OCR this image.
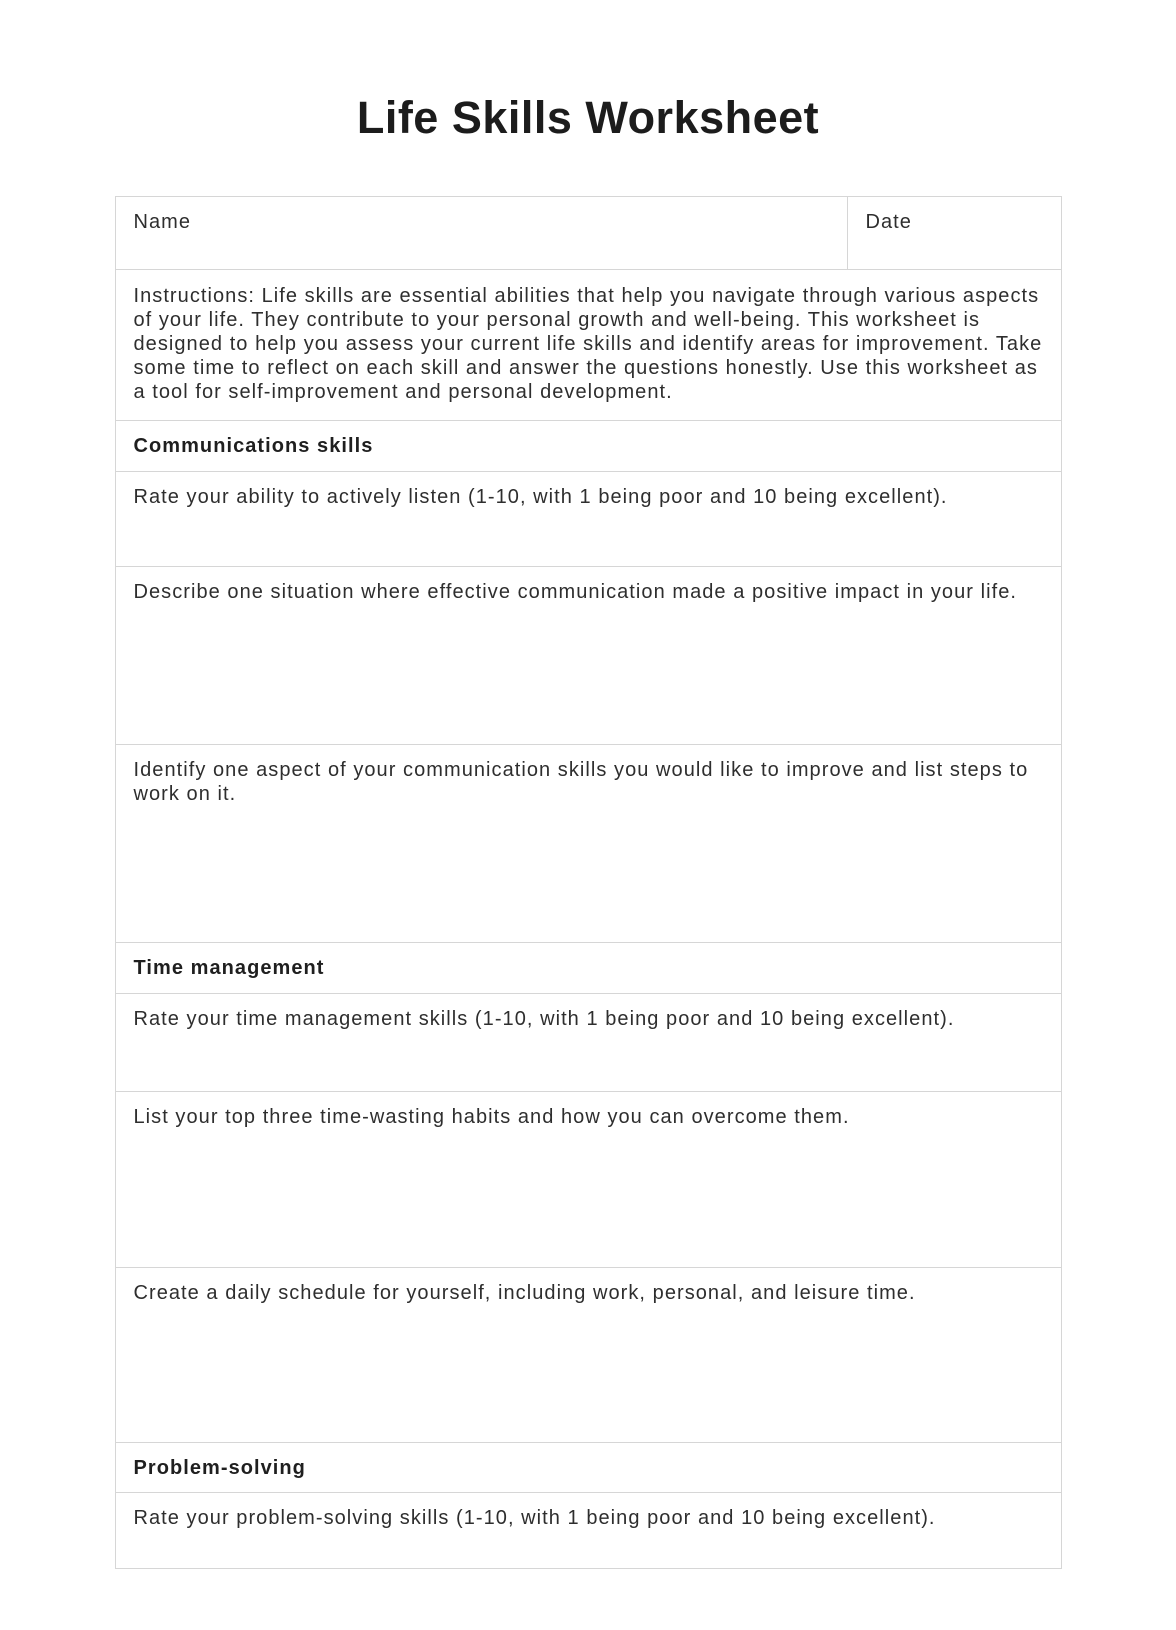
Life Skills Worksheet
Name	Date
Instructions: Life skills are essential abilities that help you navigate through various aspects of your life. They contribute to your personal growth and well-being. This worksheet is designed to help you assess your current life skills and identify areas for improvement. Take some time to reflect on each skill and answer the questions honestly. Use this worksheet as a tool for self-improvement and personal development.
Communications skills
Rate your ability to actively listen (1-10, with 1 being poor and 10 being excellent).
Describe one situation where effective communication made a positive impact in your life.
Identify one aspect of your communication skills you would like to improve and list steps to work on it.
Time management
Rate your time management skills (1-10, with 1 being poor and 10 being excellent).
List your top three time-wasting habits and how you can overcome them.
Create a daily schedule for yourself, including work, personal, and leisure time.
Problem-solving
Rate your problem-solving skills (1-10, with 1 being poor and 10 being excellent).
